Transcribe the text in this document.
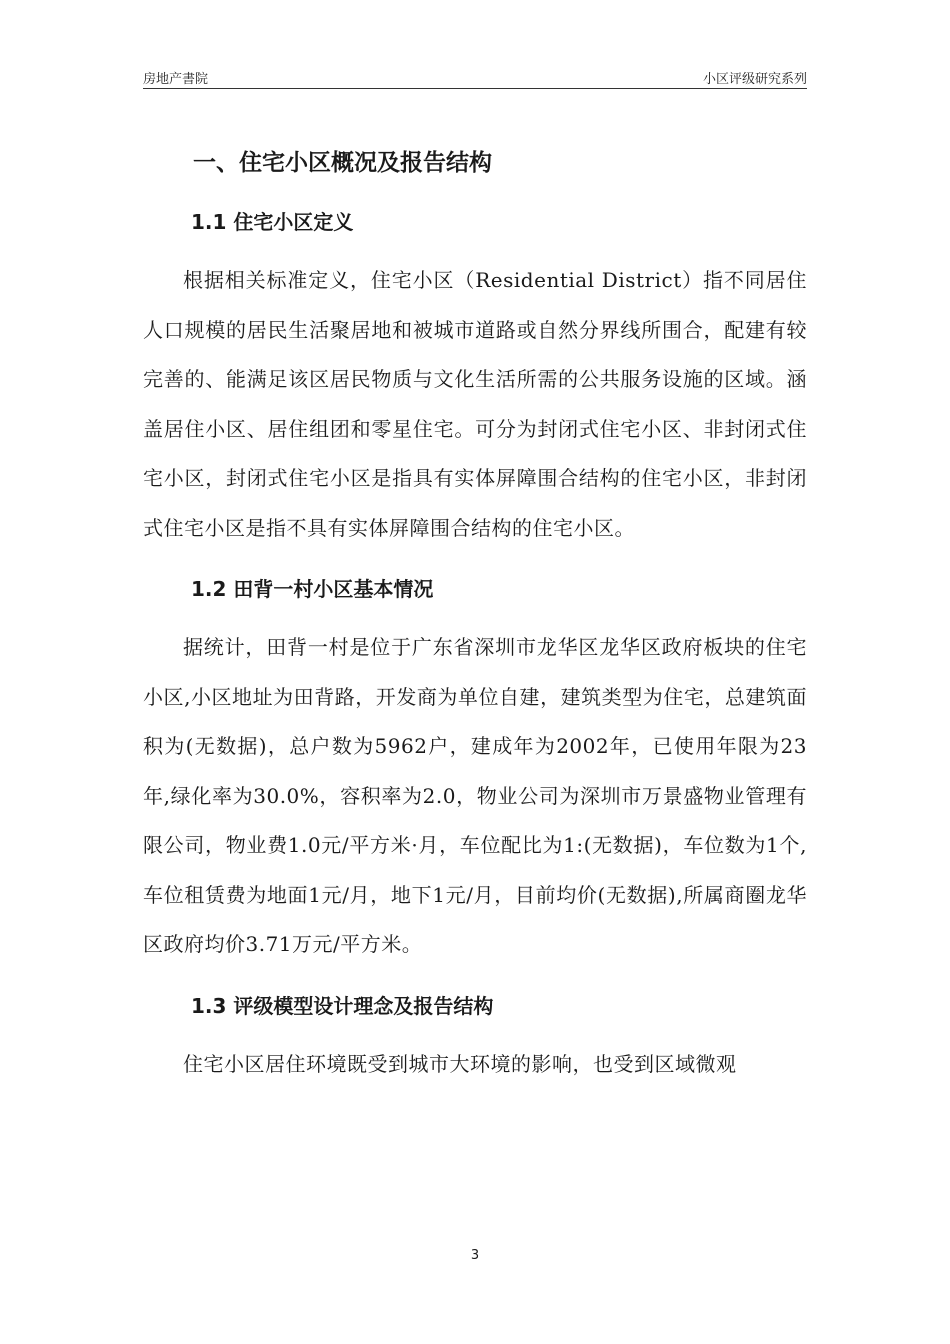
房地产書院	小区评级研究系列
一、住宅小区概况及报告结构
1.1 住宅小区定义

根据相关标准定义，住宅小区（Residential District）指不同居住人口规模的居民生活聚居地和被城市道路或自然分界线所围合，配建有较完善的、能满足该区居民物质与文化生活所需的公共服务设施的区域。涵盖居住小区、居住组团和零星住宅。可分为封闭式住宅小区、非封闭式住宅小区，封闭式住宅小区是指具有实体屏障围合结构的住宅小区，非封闭式住宅小区是指不具有实体屏障围合结构的住宅小区。

1.2 田背一村小区基本情况

据统计，田背一村是位于广东省深圳市龙华区龙华区政府板块的住宅小区,小区地址为田背路，开发商为单位自建，建筑类型为住宅，总建筑面积为(无数据)，总户数为5962户，建成年为2002年，已使用年限为23年,绿化率为30.0%，容积率为2.0，物业公司为深圳市万景盛物业管理有限公司，物业费1.0元/平方米·月，车位配比为1:(无数据)，车位数为1个,车位租赁费为地面1元/月，地下1元/月，目前均价(无数据),所属商圈龙华区政府均价3.71万元/平方米。

1.3 评级模型设计理念及报告结构

住宅小区居住环境既受到城市大环境的影响，也受到区域微观

3
